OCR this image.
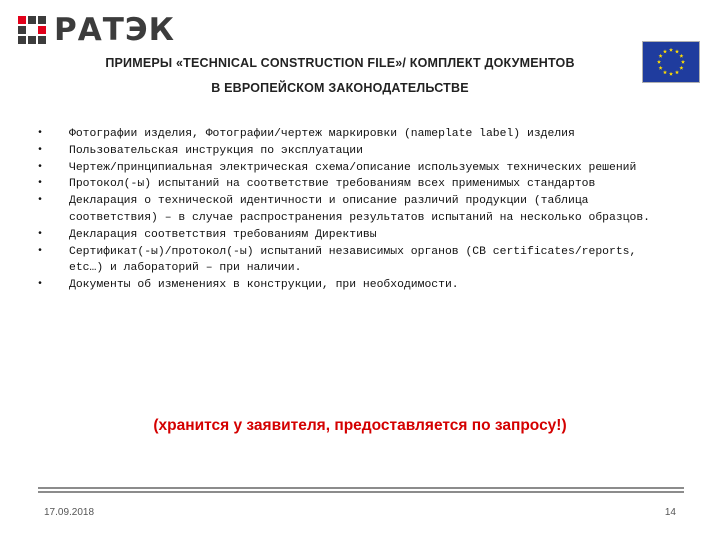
РАТЭК
ПРИМЕРЫ «TECHNICAL CONSTRUCTION FILE»/ КОМПЛЕКТ ДОКУМЕНТОВ
В ЕВРОПЕЙСКОМ ЗАКОНОДАТЕЛЬСТВЕ
• Фотографии изделия, Фотографии/чертеж маркировки (nameplate label) изделия
• Пользовательская инструкция по эксплуатации
• Чертеж/принципиальная электрическая схема/описание используемых технических решений
• Протокол(-ы) испытаний на соответствие требованиям всех применимых стандартов
• Декларация о технической идентичности и описание различий продукции (таблица соответствия) – в случае распространения результатов испытаний на несколько образцов.
• Декларация соответствия требованиям Директивы
• Сертификат(-ы)/протокол(-ы) испытаний независимых органов (CB certificates/reports, etc…) и лабораторий – при наличии.
• Документы об изменениях в конструкции, при необходимости.
(хранится у заявителя, предоставляется по запросу!)
17.09.2018	14
